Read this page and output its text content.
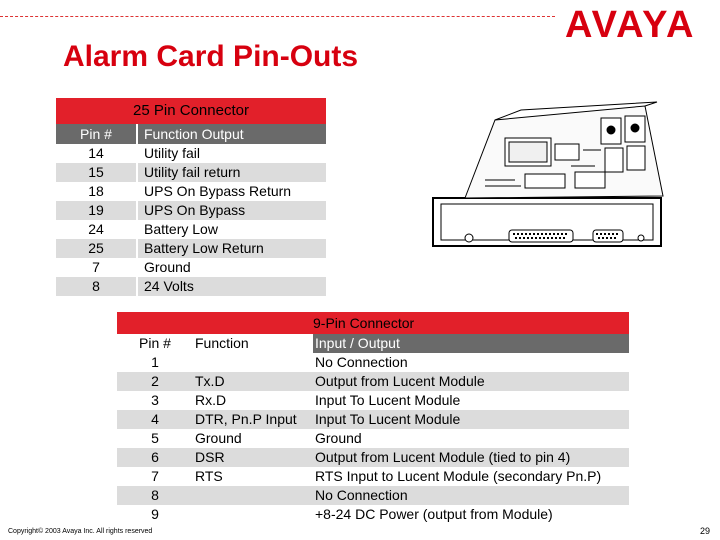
AVAYA
Alarm Card Pin-Outs
25 Pin Connector	
Pin #	Function Output
14	Utility fail
15	Utility fail return
18	UPS On Bypass Return
19	UPS On Bypass
24	Battery Low
25	Battery Low Return
7	Ground
8	24 Volts
		9-Pin Connector
Pin #	Function	Input / Output
1		No Connection
2	Tx.D	Output from Lucent Module
3	Rx.D	Input To Lucent Module
4	DTR, Pn.P Input	Input To Lucent Module
5	Ground	Ground
6	DSR	Output from Lucent Module (tied to pin 4)
7	RTS	RTS Input to Lucent Module (secondary Pn.P)
8		No Connection
9		+8-24 DC Power (output from Module)
Copyright© 2003 Avaya Inc. All rights reserved	29
